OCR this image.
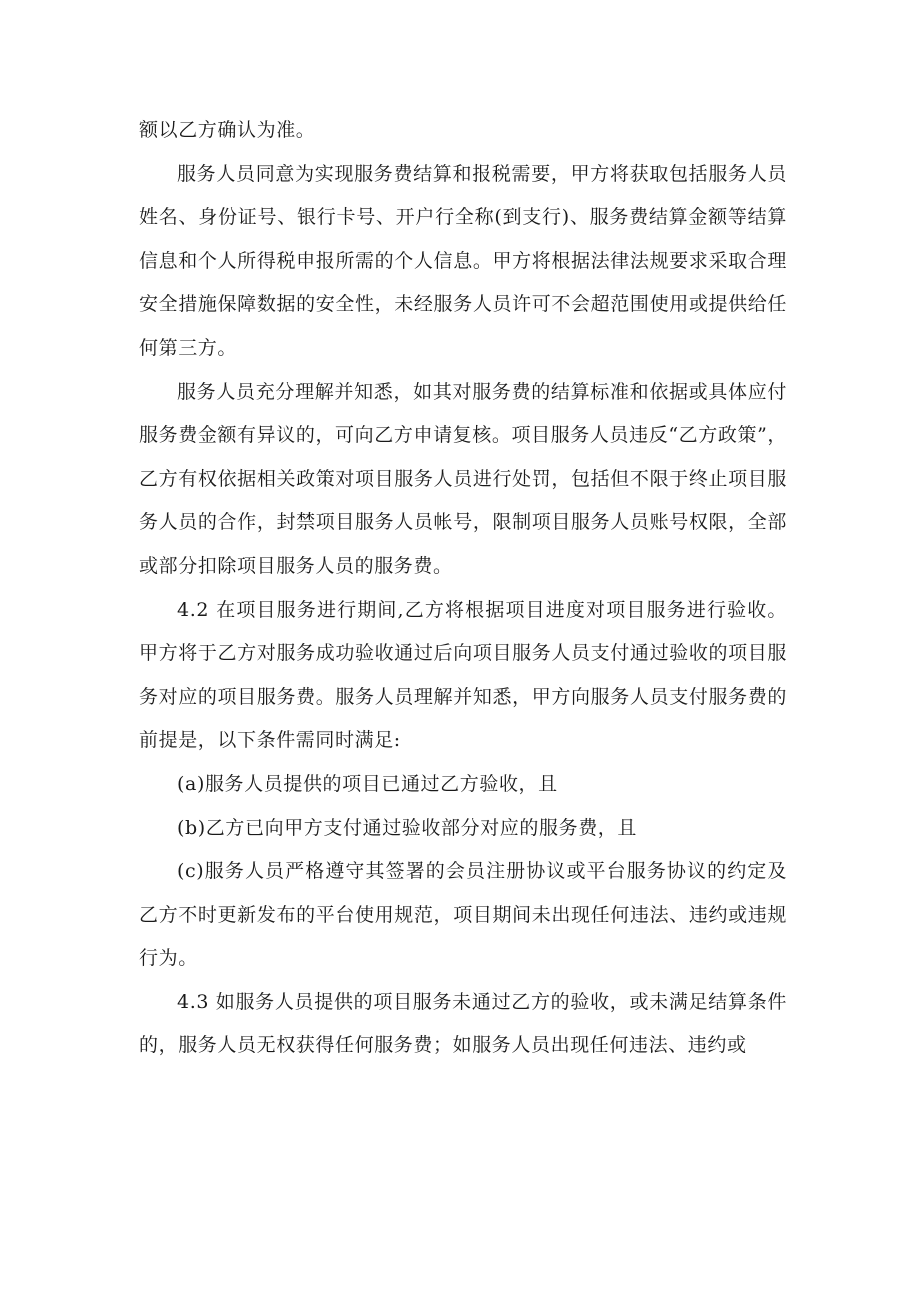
额以乙方确认为准。

服务人员同意为实现服务费结算和报税需要，甲方将获取包括服务人员姓名、身份证号、银行卡号、开户行全称(到支行)、服务费结算金额等结算信息和个人所得税申报所需的个人信息。甲方将根据法律法规要求采取合理安全措施保障数据的安全性，未经服务人员许可不会超范围使用或提供给任何第三方。

服务人员充分理解并知悉，如其对服务费的结算标准和依据或具体应付服务费金额有异议的，可向乙方申请复核。项目服务人员违反“乙方政策”，乙方有权依据相关政策对项目服务人员进行处罚，包括但不限于终止项目服务人员的合作，封禁项目服务人员帐号，限制项目服务人员账号权限，全部或部分扣除项目服务人员的服务费。

4.2 在项目服务进行期间,乙方将根据项目进度对项目服务进行验收。甲方将于乙方对服务成功验收通过后向项目服务人员支付通过验收的项目服务对应的项目服务费。服务人员理解并知悉，甲方向服务人员支付服务费的前提是，以下条件需同时满足:

(a)服务人员提供的项目已通过乙方验收，且

(b)乙方已向甲方支付通过验收部分对应的服务费，且

(c)服务人员严格遵守其签署的会员注册协议或平台服务协议的约定及乙方不时更新发布的平台使用规范，项目期间未出现任何违法、违约或违规行为。

4.3 如服务人员提供的项目服务未通过乙方的验收，或未满足结算条件的，服务人员无权获得任何服务费；如服务人员出现任何违法、违约或
